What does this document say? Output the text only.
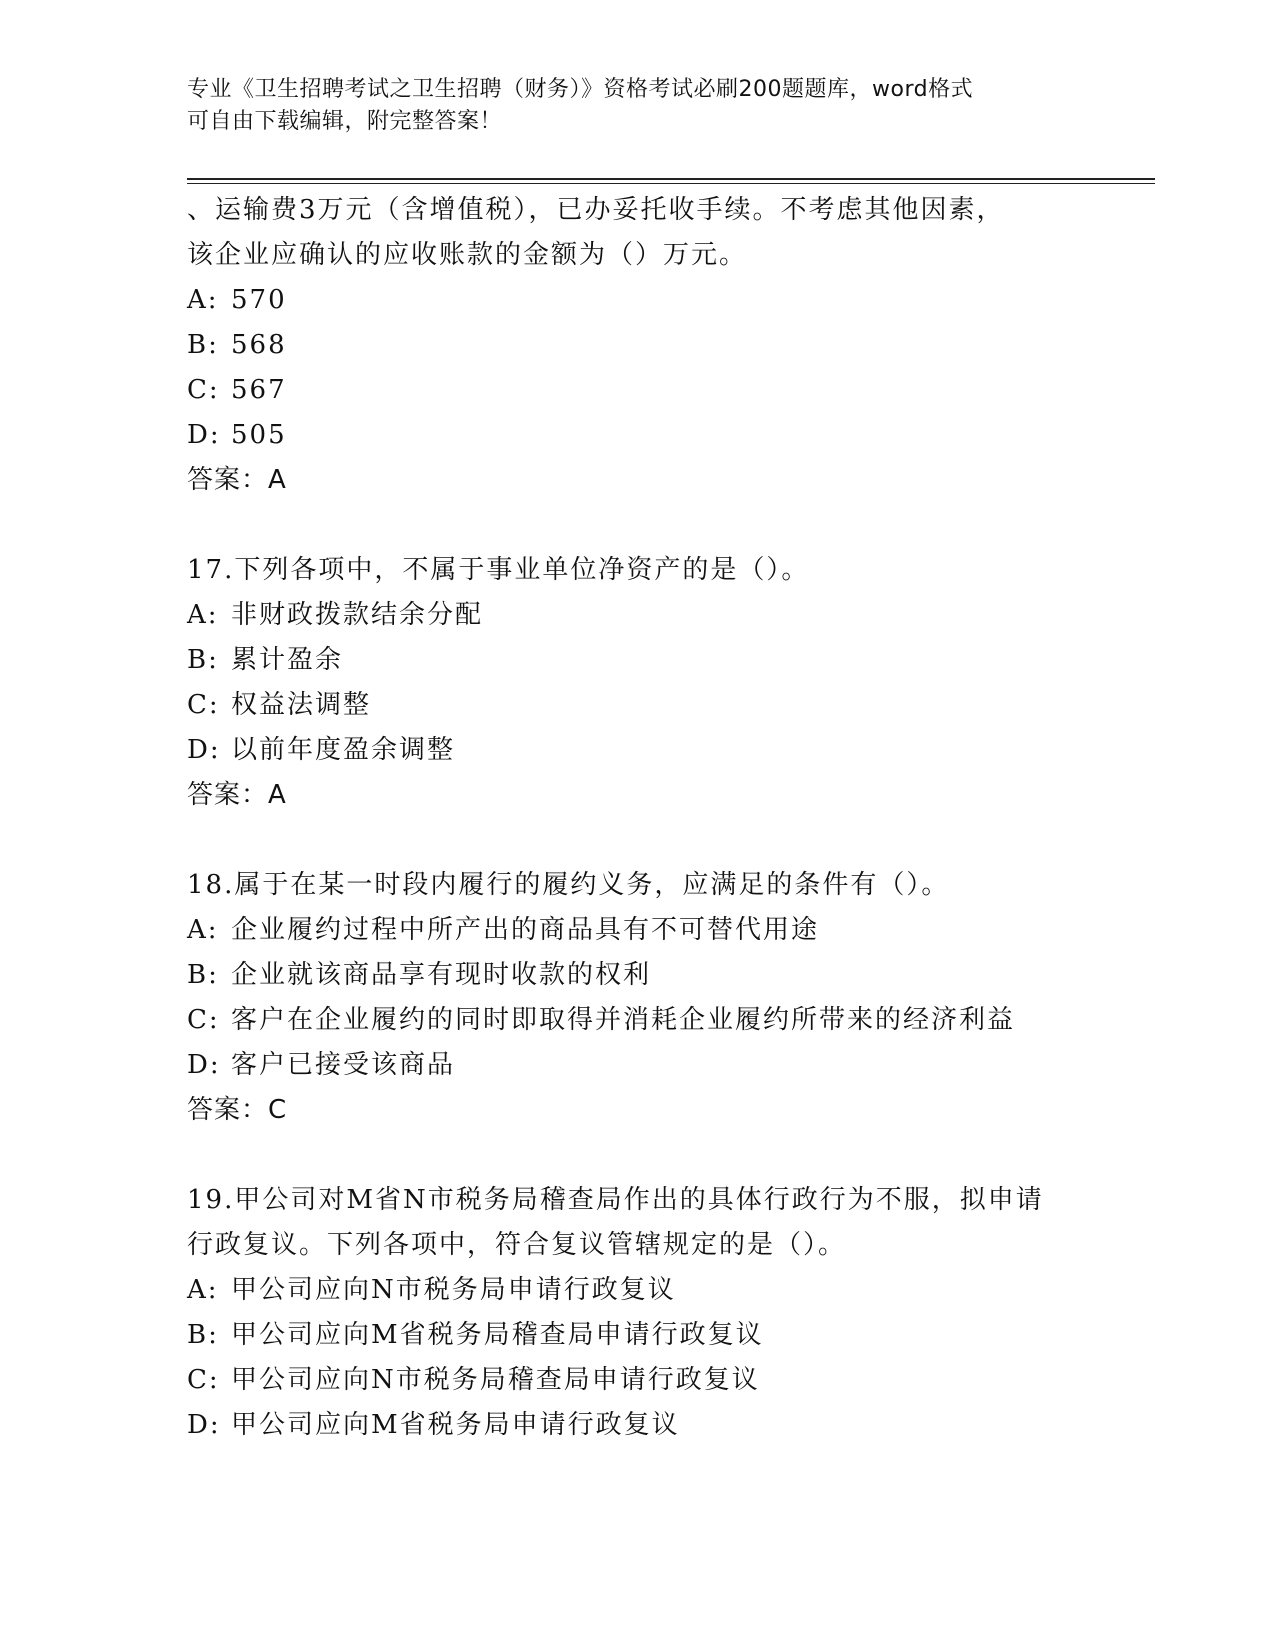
专业《卫生招聘考试之卫生招聘（财务）》资格考试必刷200题题库，word格式
可自由下载编辑，附完整答案！
、运输费3万元（含增值税），已办妥托收手续。不考虑其他因素，
该企业应确认的应收账款的金额为（）万元。
A: 570
B: 568
C: 567
D: 505
答案：A
17.下列各项中，不属于事业单位净资产的是（）。
A: 非财政拨款结余分配
B: 累计盈余
C: 权益法调整
D: 以前年度盈余调整
答案：A
18.属于在某一时段内履行的履约义务，应满足的条件有（）。
A: 企业履约过程中所产出的商品具有不可替代用途
B: 企业就该商品享有现时收款的权利
C: 客户在企业履约的同时即取得并消耗企业履约所带来的经济利益
D: 客户已接受该商品
答案：C
19.甲公司对M省N市税务局稽查局作出的具体行政行为不服，拟申请
行政复议。下列各项中，符合复议管辖规定的是（）。
A: 甲公司应向N市税务局申请行政复议
B: 甲公司应向M省税务局稽查局申请行政复议
C: 甲公司应向N市税务局稽查局申请行政复议
D: 甲公司应向M省税务局申请行政复议
